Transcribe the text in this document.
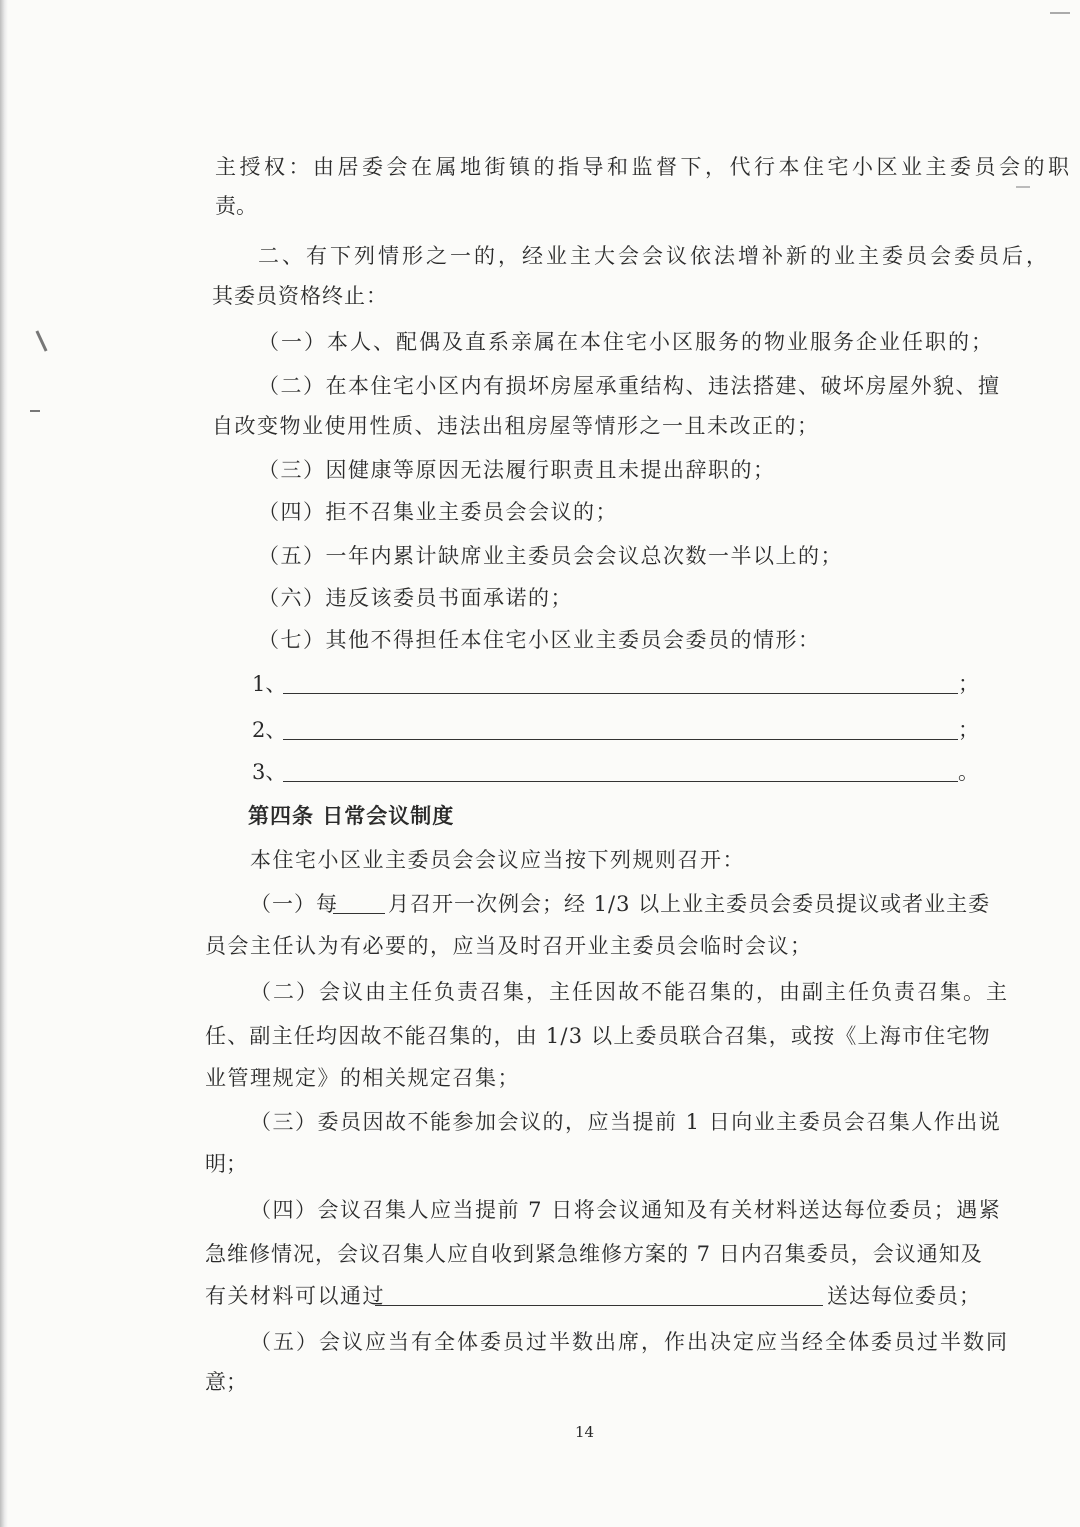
主授权：由居委会在属地街镇的指导和监督下，代行本住宅小区业主委员会的职
责。
二、有下列情形之一的，经业主大会会议依法增补新的业主委员会委员后，
其委员资格终止：
（一）本人、配偶及直系亲属在本住宅小区服务的物业服务企业任职的；
（二）在本住宅小区内有损坏房屋承重结构、违法搭建、破坏房屋外貌、擅
自改变物业使用性质、违法出租房屋等情形之一且未改正的；
（三）因健康等原因无法履行职责且未提出辞职的；
（四）拒不召集业主委员会会议的；
（五）一年内累计缺席业主委员会会议总次数一半以上的；
（六）违反该委员书面承诺的；
（七）其他不得担任本住宅小区业主委员会委员的情形：
1、	；
2、	；
3、	。
第四条 日常会议制度
本住宅小区业主委员会会议应当按下列规则召开：
（一）每 月召开一次例会；经 1/3 以上业主委员会委员提议或者业主委
员会主任认为有必要的，应当及时召开业主委员会临时会议；
（二）会议由主任负责召集，主任因故不能召集的，由副主任负责召集。主
任、副主任均因故不能召集的，由 1/3 以上委员联合召集，或按《上海市住宅物
业管理规定》的相关规定召集；
（三）委员因故不能参加会议的，应当提前 1 日向业主委员会召集人作出说
明；
（四）会议召集人应当提前 7 日将会议通知及有关材料送达每位委员；遇紧
急维修情况，会议召集人应自收到紧急维修方案的 7 日内召集委员，会议通知及
有关材料可以通过	送达每位委员；
（五）会议应当有全体委员过半数出席，作出决定应当经全体委员过半数同
意；
14
